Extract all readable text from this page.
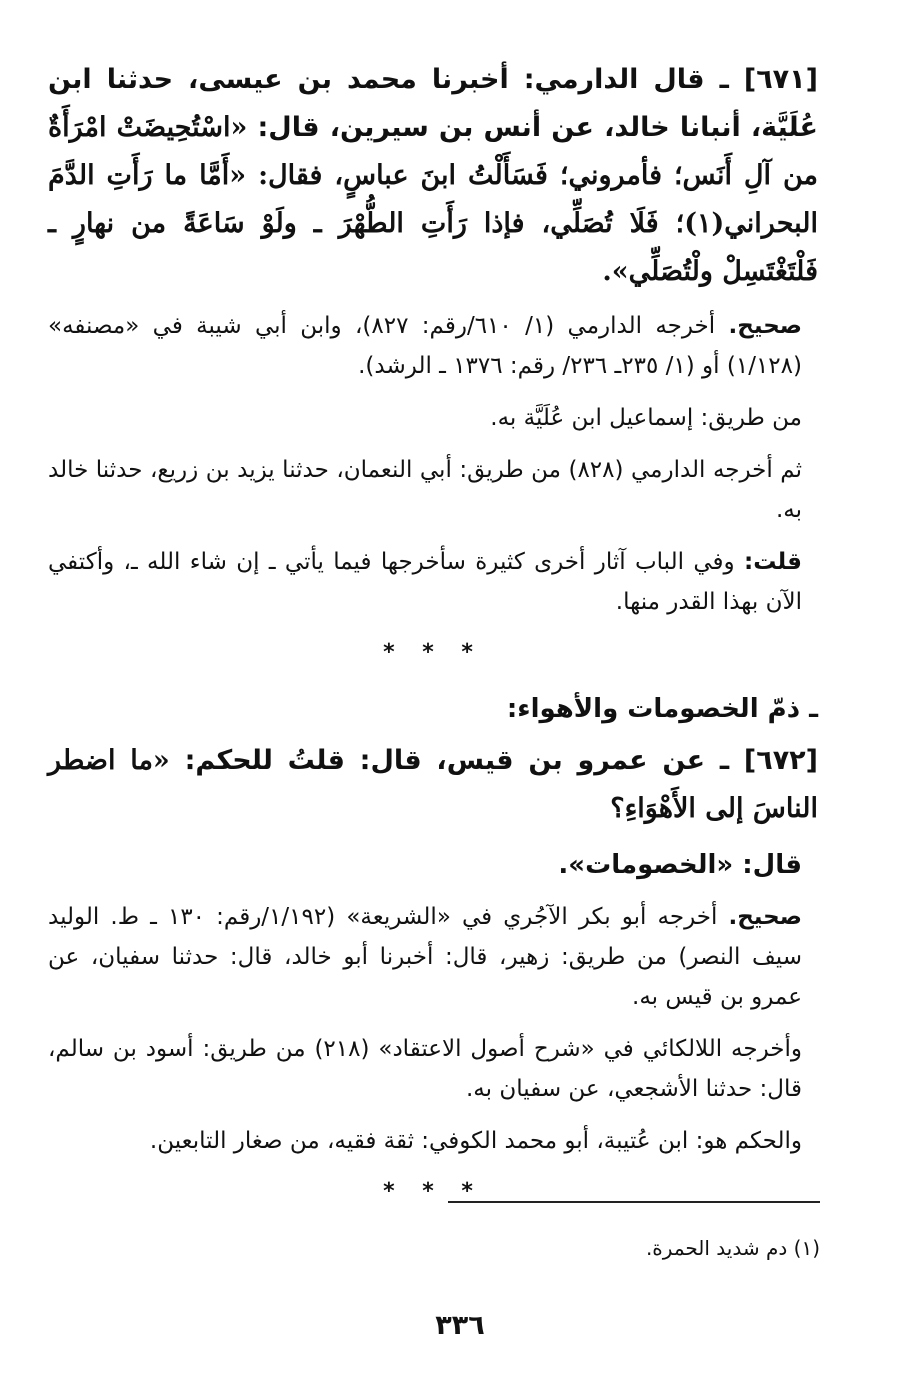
[٦٧١] ـ قال الدارمي: أخبرنا محمد بن عيسى، حدثنا ابن عُلَيَّة، أنبانا خالد، عن أنس بن سيرين، قال: «اسْتُحِيضَتْ امْرَأَةٌ من آلِ أَنَس؛ فأمروني؛ فَسَأَلْتُ ابنَ عباسٍ، فقال: «أَمَّا ما رَأَتِ الدَّمَ البحراني(١)؛ فَلَا تُصَلِّي، فإذا رَأَتِ الطُّهْرَ ـ ولَوْ سَاعَةً من نهارٍ ـ فَلْتَغْتَسِلْ ولْتُصَلِّي».

صحيح. أخرجه الدارمي (١/ ٦١٠/رقم: ٨٢٧)، وابن أبي شيبة في «مصنفه» (١/١٢٨) أو (١/ ٢٣٥ـ ٢٣٦/ رقم: ١٣٧٦ ـ الرشد).

من طريق: إسماعيل ابن عُلَيَّة به.

ثم أخرجه الدارمي (٨٢٨) من طريق: أبي النعمان، حدثنا يزيد بن زريع، حدثنا خالد به.

قلت: وفي الباب آثار أخرى كثيرة سأخرجها فيما يأتي ـ إن شاء الله ـ، وأكتفي الآن بهذا القدر منها.

* * *

ـ ذمّ الخصومات والأهواء:

[٦٧٢] ـ عن عمرو بن قيس، قال: قلتُ للحكم: «ما اضطر الناسَ إلى الأَهْوَاءِ؟

قال: «الخصومات».

صحيح. أخرجه أبو بكر الآجُري في «الشريعة» (١/١٩٢/رقم: ١٣٠ ـ ط. الوليد سيف النصر) من طريق: زهير، قال: أخبرنا أبو خالد، قال: حدثنا سفيان، عن عمرو بن قيس به.

وأخرجه اللالكائي في «شرح أصول الاعتقاد» (٢١٨) من طريق: أسود بن سالم، قال: حدثنا الأشجعي، عن سفيان به.

والحكم هو: ابن عُتيبة، أبو محمد الكوفي: ثقة فقيه، من صغار التابعين.

* * *
(١) دم شديد الحمرة.
٣٣٦
